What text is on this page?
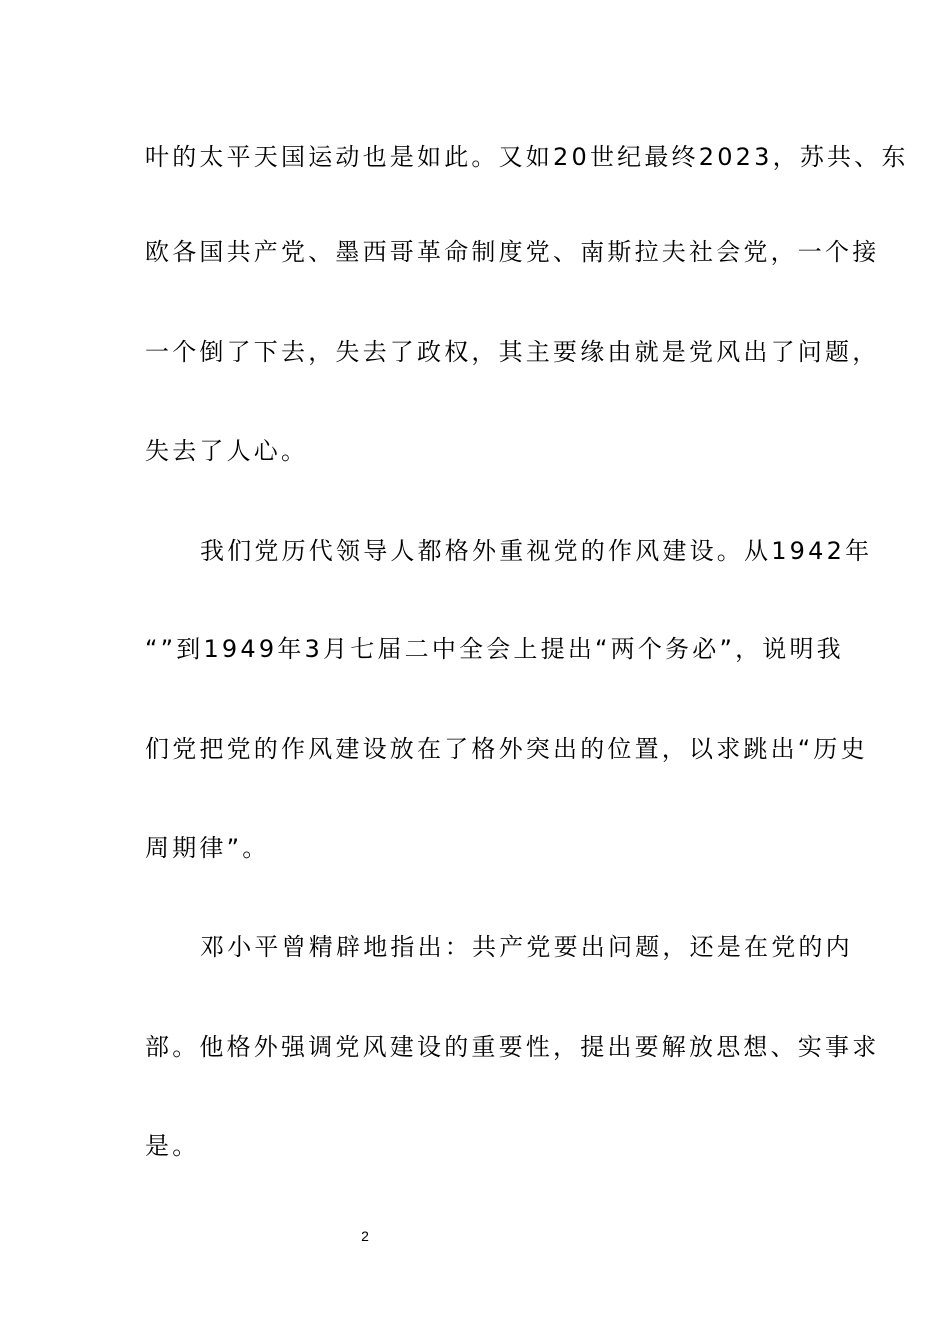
叶的太平天国运动也是如此。又如20世纪最终2023，苏共、东
欧各国共产党、墨西哥革命制度党、南斯拉夫社会党，一个接
一个倒了下去，失去了政权，其主要缘由就是党风出了问题，
失去了人心。
我们党历代领导人都格外重视党的作风建设。从1942年
“”到1949年3月七届二中全会上提出“两个务必”，说明我
们党把党的作风建设放在了格外突出的位置，以求跳出“历史
周期律”。
邓小平曾精辟地指出：共产党要出问题，还是在党的内
部。他格外强调党风建设的重要性，提出要解放思想、实事求
是。
2
